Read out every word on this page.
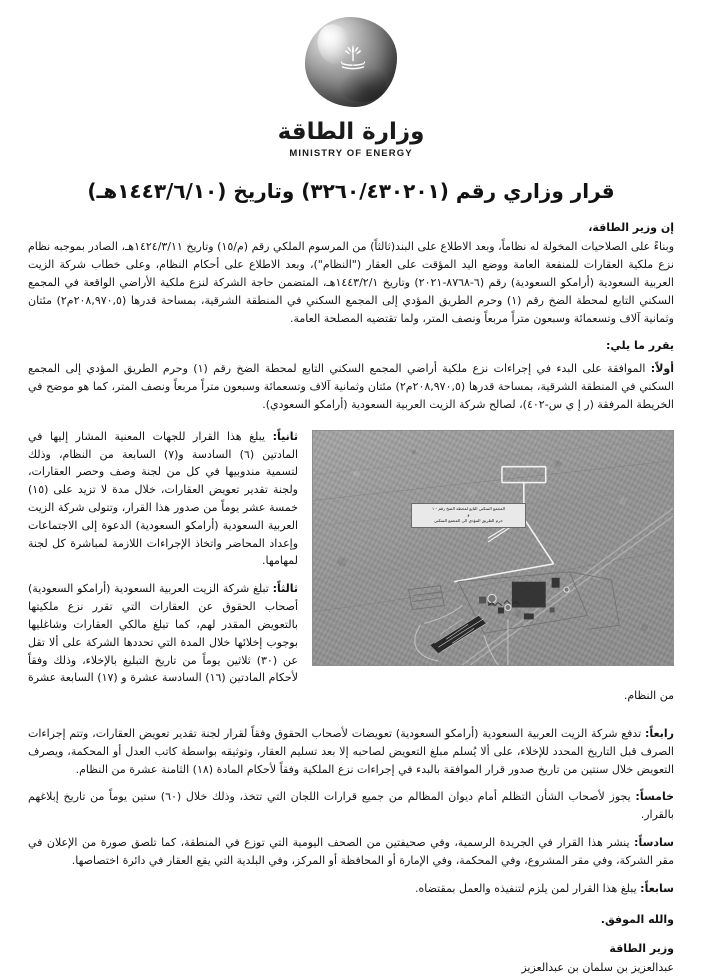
وزارة الطاقة
MINISTRY OF ENERGY
قرار وزاري رقم (٣٢٦٠/٤٣٠٢٠١) وتاريخ (١٤٤٣/٦/١٠هـ)
إن وزير الطاقة،

وبناءً على الصلاحيات المخولة له نظاماً، وبعد الاطلاع على البند(ثالثاً) من المرسوم الملكي رقم (م/١٥) وتاريخ ١٤٢٤/٣/١١هـ، الصادر بموجبه نظام نزع ملكية العقارات للمنفعة العامة ووضع اليد المؤقت على العقار ("النظام")، وبعد الاطلاع على أحكام النظام، وعلى خطاب شركة الزيت العربية السعودية (أرامكو السعودية) رقم (٦-٨٧٦٨-٢٠٢١) وتاريخ ١٤٤٣/٢/١هـ، المتضمن حاجة الشركة لنزع ملكية الأراضي الواقعة في المجمع السكني التابع لمحطة الضخ رقم (١) وحرم الطريق المؤدي إلى المجمع السكني في المنطقة الشرقية، بمساحة قدرها (٢٠٨,٩٧٠,٥م٢) مئتان وثمانية آلاف وتسعمائة وسبعون متراً مربعاً ونصف المتر، ولما تقتضيه المصلحة العامة.

يقرر ما يلي:

أولاً: الموافقة على البدء في إجراءات نزع ملكية أراضي المجمع السكني التابع لمحطة الضخ رقم (١) وحرم الطريق المؤدي إلى المجمع السكني في المنطقة الشرقية، بمساحة قدرها (٢٠٨,٩٧٠,٥م٢) مئتان وثمانية آلاف وتسعمائة وسبعون متراً مربعاً ونصف المتر، كما هو موضح في الخريطة المرفقة (ر إ ي س-٤٠٢)، لصالح شركة الزيت العربية السعودية (أرامكو السعودي).

المجمع السكني التابع لمحطة الضخ رقم - ١
و
حرم الطريق المؤدي الى المجمع السكني

ثانياً: يبلغ هذا القرار للجهات المعنية المشار إليها في المادتين (٦) السادسة و(٧) السابعة من النظام، وذلك لتسمية مندوبيها في كل من لجنة وصف وحصر العقارات، ولجنة تقدير تعويض العقارات، خلال مدة لا تزيد على (١٥) خمسة عشر يوماً من صدور هذا القرار، وتتولى شركة الزيت العربية السعودية (أرامكو السعودية) الدعوة إلى الاجتماعات وإعداد المحاضر واتخاذ الإجراءات اللازمة لمباشرة كل لجنة لمهامها.

ثالثاً: تبلغ شركة الزيت العربية السعودية (أرامكو السعودية) أصحاب الحقوق عن العقارات التي تقرر نزع ملكيتها بالتعويض المقدر لهم، كما تبلغ مالكي العقارات وشاغليها بوجوب إخلائها خلال المدة التي تحددها الشركة على ألا تقل عن (٣٠) ثلاثين يوماً من تاريخ التبليغ بالإخلاء، وذلك وفقاً لأحكام المادتين (١٦) السادسة عشرة و (١٧) السابعة عشرة من النظام.

رابعاً: تدفع شركة الزيت العربية السعودية (أرامكو السعودية) تعويضات لأصحاب الحقوق وفقاً لقرار لجنة تقدير تعويض العقارات، وتتم إجراءات الصرف قبل التاريخ المحدد للإخلاء، على ألا يُسلم مبلغ التعويض لصاحبه إلا بعد تسليم العقار، وتوثيقه بواسطة كاتب العدل أو المحكمة، ويصرف التعويض خلال سنتين من تاريخ صدور قرار الموافقة بالبدء في إجراءات نزع الملكية وفقاً لأحكام المادة (١٨) الثامنة عشرة من النظام.

خامساً: يجوز لأصحاب الشأن التظلم أمام ديوان المظالم من جميع قرارات اللجان التي تتخذ، وذلك خلال (٦٠) ستين يوماً من تاريخ إبلاغهم بالقرار.

سادساً: ينشر هذا القرار في الجريدة الرسمية، وفي صحيفتين من الصحف اليومية التي توزع في المنطقة، كما تلصق صورة من الإعلان في مقر الشركة، وفي مقر المشروع، وفي المحكمة، وفي الإمارة أو المحافظة أو المركز، وفي البلدية التي يقع العقار في دائرة اختصاصها.

سابعاً: يبلغ هذا القرار لمن يلزم لتنفيذه والعمل بمقتضاه.

والله الموفق.
وزير الطاقة
عبدالعزيز بن سلمان بن عبدالعزيز
